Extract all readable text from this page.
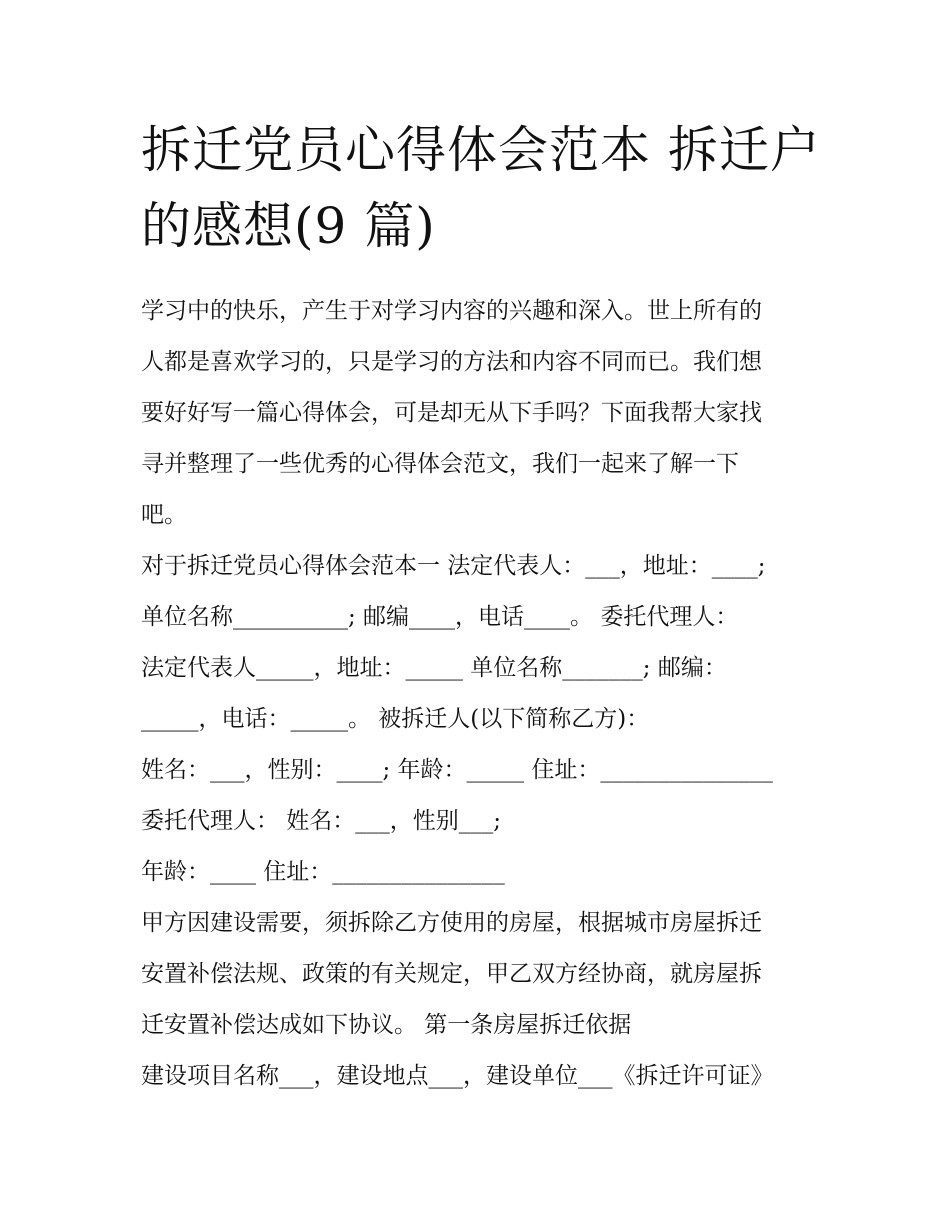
拆迁党员心得体会范本 拆迁户
的感想(9 篇)

学习中的快乐，产生于对学习内容的兴趣和深入。世上所有的
人都是喜欢学习的，只是学习的方法和内容不同而已。我们想
要好好写一篇心得体会，可是却无从下手吗？下面我帮大家找
寻并整理了一些优秀的心得体会范文，我们一起来了解一下
吧。

对于拆迁党员心得体会范本一 法定代表人：___，地址：____;
单位名称__________; 邮编____，电话____。 委托代理人：
法定代表人_____，地址：_____ 单位名称_______; 邮编：
_____，电话：_____。 被拆迁人(以下简称乙方)：
姓名：___，性别：____; 年龄：_____ 住址：_______________
委托代理人： 姓名：___，性别___;
年龄：____ 住址：_______________

甲方因建设需要，须拆除乙方使用的房屋，根据城市房屋拆迁
安置补偿法规、政策的有关规定，甲乙双方经协商，就房屋拆
迁安置补偿达成如下协议。 第一条房屋拆迁依据

建设项目名称___，建设地点___，建设单位___《拆迁许可证》
